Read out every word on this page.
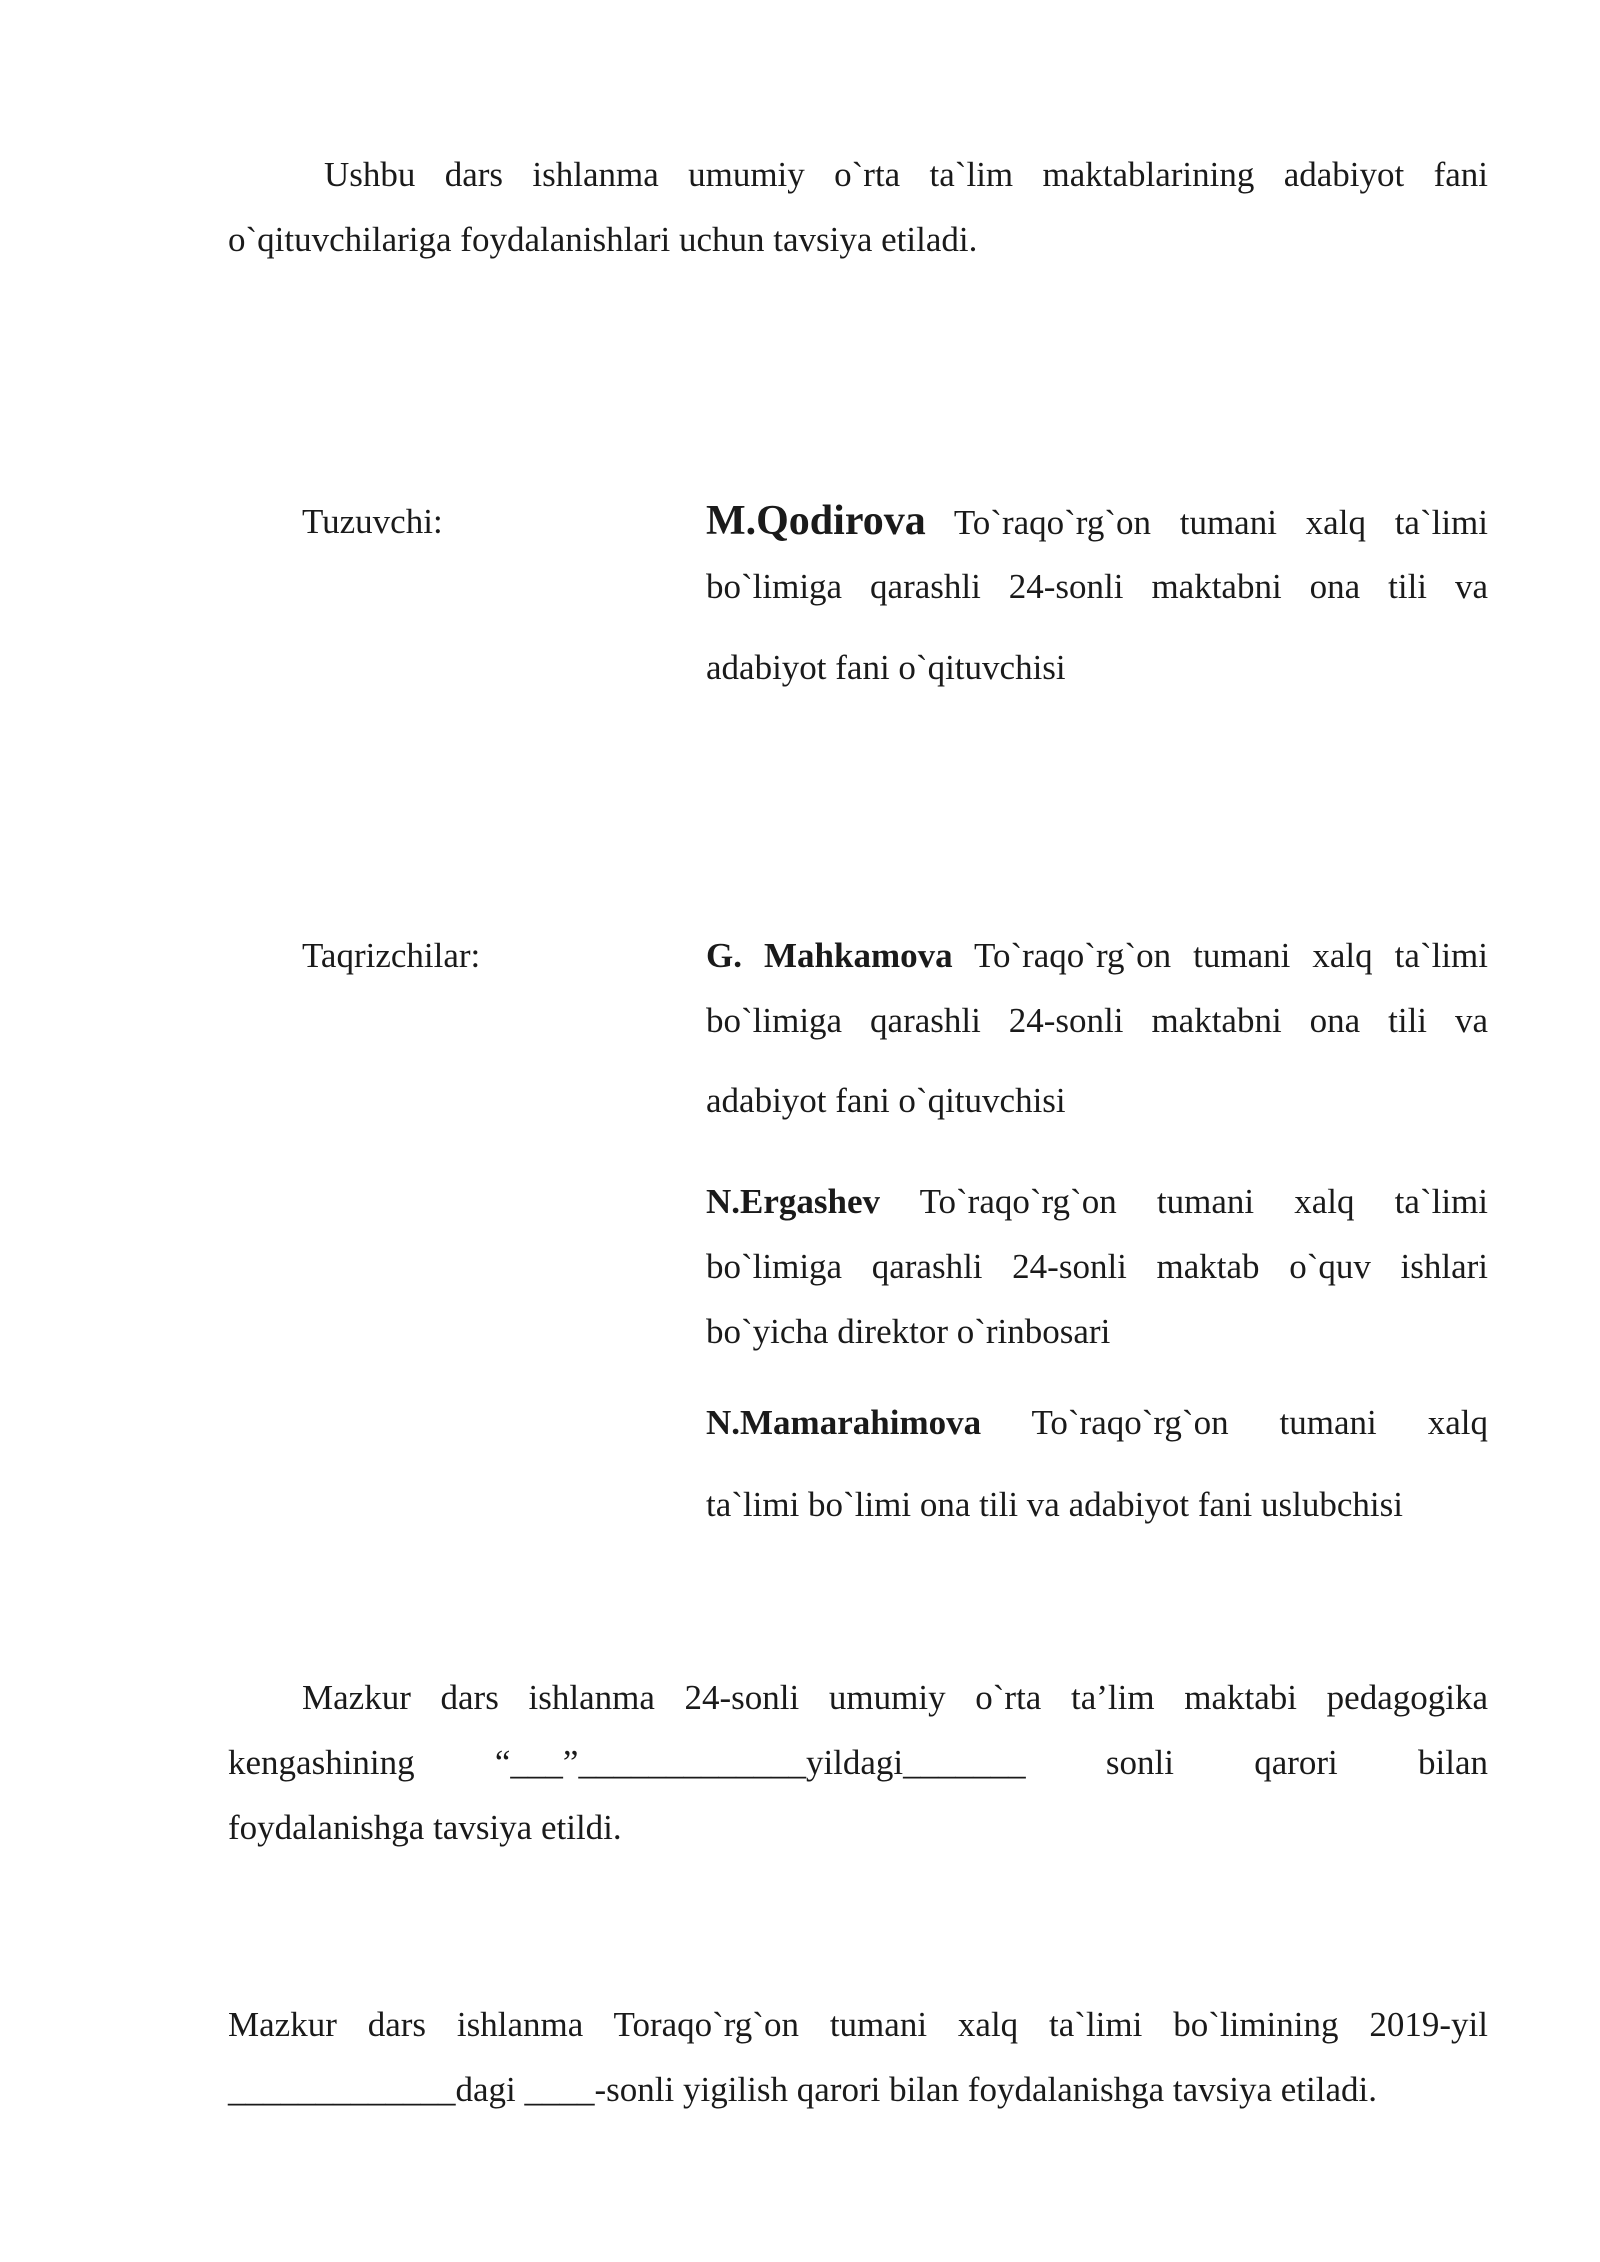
Ushbu dars ishlanma umumiy o`rta ta`lim maktablarining adabiyot fani
o`qituvchilariga foydalanishlari uchun tavsiya etiladi.
Tuzuvchi:	M.Qodirova To`raqo`rg`on tumani xalq ta`limi
bo`limiga qarashli 24-sonli maktabni ona tili va
adabiyot fani o`qituvchisi
Taqrizchilar:	G. Mahkamova To`raqo`rg`on tumani xalq ta`limi
bo`limiga qarashli 24-sonli maktabni ona tili va
adabiyot fani o`qituvchisi
N.Ergashev To`raqo`rg`on tumani xalq ta`limi
bo`limiga qarashli 24-sonli maktab o`quv ishlari
bo`yicha direktor o`rinbosari
N.Mamarahimova To`raqo`rg`on tumani xalq
ta`limi bo`limi ona tili va adabiyot fani uslubchisi
Mazkur dars ishlanma 24-sonli umumiy o`rta ta’lim maktabi pedagogika
kengashining “___”_____________yildagi_______ sonli qarori bilan
foydalanishga tavsiya etildi.
Mazkur dars ishlanma Toraqo`rg`on tumani xalq ta`limi bo`limining 2019-yil
_____________dagi ____-sonli yigilish qarori bilan foydalanishga tavsiya etiladi.
